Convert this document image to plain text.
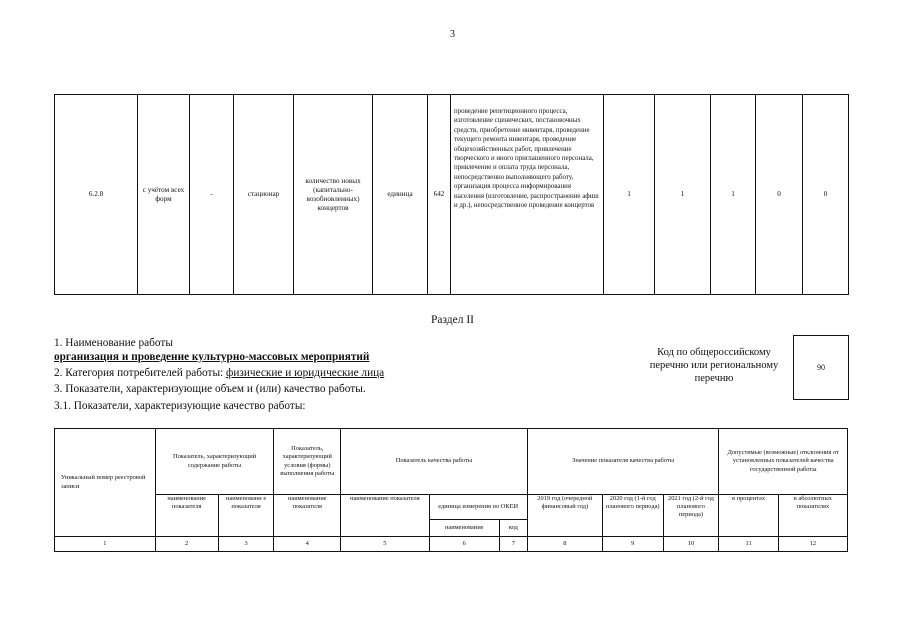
3
6.2.8	с учётом всех форм	-	стационар	количество новых (капитально-возобновленных) концертов	единица	642	проведение репетиционного процесса, изготовление сценических, постановочных средств, приобретение инвентаря, проведение текущего ремонта инвентаря, проведение общехозяйственных работ, привлечение творческого и иного приглашенного персонала, привлечение и оплата труда персонала, непосредственно выполняющего работу, организация процесса информирования населения (изготовление, распространение афиш и др.), непосредственное проведение концертов	1	1	1	0	0
Раздел II
1. Наименование работы
организация и проведение культурно-массовых мероприятий
2. Категория потребителей работы: физические и юридические лица
3. Показатели, характеризующие объем и (или) качество работы.
3.1. Показатели, характеризующие качество работы:
Код по общероссийскому перечню или региональному перечню
90
Уникальный номер реестровой записи	Показатель, характеризующий содержание работы		Показатель, характеризующий условия (формы) выполнения работы	Показатель качества работы			Значение показателя качества работы			Допустимые (возможные) отклонения от установленных показателей качества государственной работы	
	наименование показателя	наименовани е показателя	наименование показателя	наименование показателя	единица измерения по ОКЕИ		2019 год (очередной финансовый год)	2020 год (1-й год планового периода)	2021 год (2-й год планового периода)	в процентах	в абсолютных показателях
					наименование	код					
1	2	3	4	5	6	7	8	9	10	11	12
